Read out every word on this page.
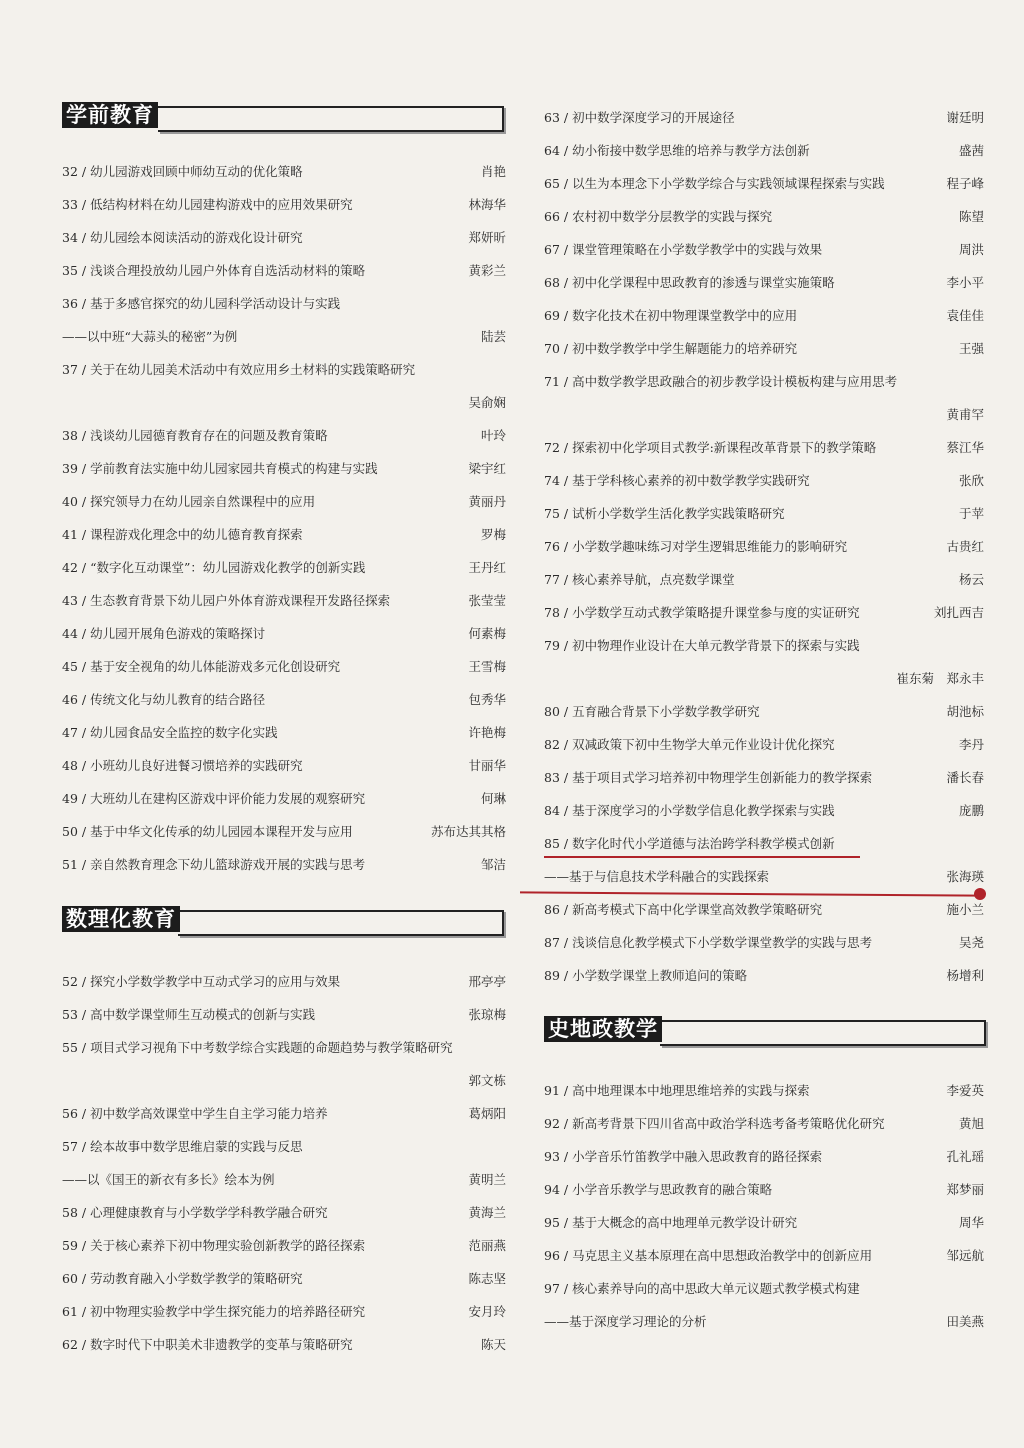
学前教育
32 / 幼儿园游戏回顾中师幼互动的优化策略	肖艳
33 / 低结构材料在幼儿园建构游戏中的应用效果研究	林海华
34 / 幼儿园绘本阅读活动的游戏化设计研究	郑妍昕
35 / 浅谈合理投放幼儿园户外体育自选活动材料的策略	黄彩兰
36 / 基于多感官探究的幼儿园科学活动设计与实践
——以中班“大蒜头的秘密”为例	陆芸
37 / 关于在幼儿园美术活动中有效应用乡土材料的实践策略研究
吴俞娴
38 / 浅谈幼儿园德育教育存在的问题及教育策略	叶玲
39 / 学前教育法实施中幼儿园家园共育模式的构建与实践	梁宇红
40 / 探究领导力在幼儿园亲自然课程中的应用	黄丽丹
41 / 课程游戏化理念中的幼儿德育教育探索	罗梅
42 / “数字化互动课堂”：幼儿园游戏化教学的创新实践	王丹红
43 / 生态教育背景下幼儿园户外体育游戏课程开发路径探索	张莹莹
44 / 幼儿园开展角色游戏的策略探讨	何素梅
45 / 基于安全视角的幼儿体能游戏多元化创设研究	王雪梅
46 / 传统文化与幼儿教育的结合路径	包秀华
47 / 幼儿园食品安全监控的数字化实践	许艳梅
48 / 小班幼儿良好进餐习惯培养的实践研究	甘丽华
49 / 大班幼儿在建构区游戏中评价能力发展的观察研究	何琳
50 / 基于中华文化传承的幼儿园园本课程开发与应用	苏布达其其格
51 / 亲自然教育理念下幼儿篮球游戏开展的实践与思考	邹洁
数理化教育
52 / 探究小学数学教学中互动式学习的应用与效果	邢亭亭
53 / 高中数学课堂师生互动模式的创新与实践	张琼梅
55 / 项目式学习视角下中考数学综合实践题的命题趋势与教学策略研究
郭文栋
56 / 初中数学高效课堂中学生自主学习能力培养	葛炳阳
57 / 绘本故事中数学思维启蒙的实践与反思
——以《国王的新衣有多长》绘本为例	黄明兰
58 / 心理健康教育与小学数学学科教学融合研究	黄海兰
59 / 关于核心素养下初中物理实验创新教学的路径探索	范丽燕
60 / 劳动教育融入小学数学教学的策略研究	陈志坚
61 / 初中物理实验教学中学生探究能力的培养路径研究	安月玲
62 / 数字时代下中职美术非遗教学的变革与策略研究	陈天
63 / 初中数学深度学习的开展途径	谢廷明
64 / 幼小衔接中数学思维的培养与教学方法创新	盛茜
65 / 以生为本理念下小学数学综合与实践领域课程探索与实践	程子峰
66 / 农村初中数学分层教学的实践与探究	陈望
67 / 课堂管理策略在小学数学教学中的实践与效果	周洪
68 / 初中化学课程中思政教育的渗透与课堂实施策略	李小平
69 / 数字化技术在初中物理课堂教学中的应用	袁佳佳
70 / 初中数学教学中学生解题能力的培养研究	王强
71 / 高中数学教学思政融合的初步教学设计模板构建与应用思考
黄甫罕
72 / 探索初中化学项目式教学:新课程改革背景下的教学策略	蔡江华
74 / 基于学科核心素养的初中数学教学实践研究	张欣
75 / 试析小学数学生活化教学实践策略研究	于苹
76 / 小学数学趣味练习对学生逻辑思维能力的影响研究	古贵红
77 / 核心素养导航，点亮数学课堂	杨云
78 / 小学数学互动式教学策略提升课堂参与度的实证研究	刘扎西吉
79 / 初中物理作业设计在大单元教学背景下的探索与实践
崔东菊　郑永丰
80 / 五育融合背景下小学数学教学研究	胡池标
82 / 双减政策下初中生物学大单元作业设计优化探究	李丹
83 / 基于项目式学习培养初中物理学生创新能力的教学探索	潘长春
84 / 基于深度学习的小学数学信息化教学探索与实践	庞鹏
85 / 数字化时代小学道德与法治跨学科教学模式创新
——基于与信息技术学科融合的实践探索	张海瑛
86 / 新高考模式下高中化学课堂高效教学策略研究	施小兰
87 / 浅谈信息化教学模式下小学数学课堂教学的实践与思考	吴尧
89 / 小学数学课堂上教师追问的策略	杨增利
史地政教学
91 / 高中地理课本中地理思维培养的实践与探索	李爱英
92 / 新高考背景下四川省高中政治学科选考备考策略优化研究	黄旭
93 / 小学音乐竹笛教学中融入思政教育的路径探索	孔礼瑶
94 / 小学音乐教学与思政教育的融合策略	郑梦丽
95 / 基于大概念的高中地理单元教学设计研究	周华
96 / 马克思主义基本原理在高中思想政治教学中的创新应用	邹远航
97 / 核心素养导向的高中思政大单元议题式教学模式构建
——基于深度学习理论的分析	田美燕
